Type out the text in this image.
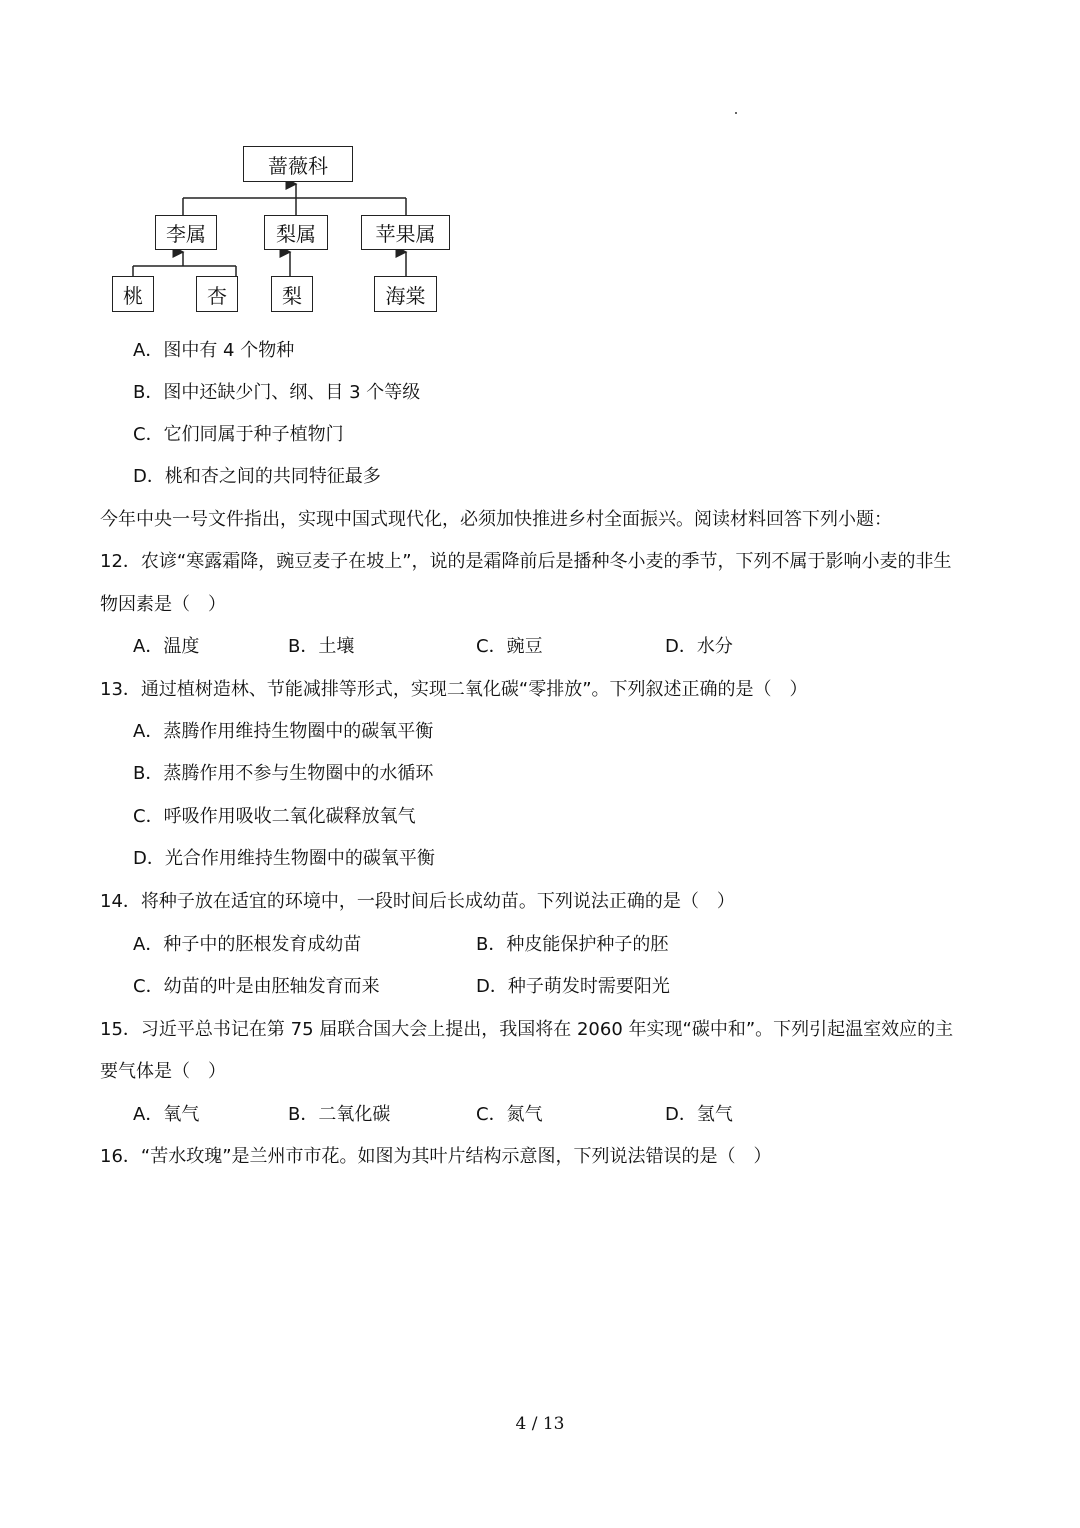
蔷薇科
李属	梨属	苹果属
桃	杏	梨	海棠
A．图中有 4 个物种
B．图中还缺少门、纲、目 3 个等级
C．它们同属于种子植物门
D．桃和杏之间的共同特征最多
今年中央一号文件指出，实现中国式现代化，必须加快推进乡村全面振兴。阅读材料回答下列小题：
12．农谚“寒露霜降，豌豆麦子在坡上”，说的是霜降前后是播种冬小麦的季节，下列不属于影响小麦的非生
物因素是（　）
A．温度	B．土壤	C．豌豆	D．水分
13．通过植树造林、节能减排等形式，实现二氧化碳“零排放”。下列叙述正确的是（　）
A．蒸腾作用维持生物圈中的碳氧平衡
B．蒸腾作用不参与生物圈中的水循环
C．呼吸作用吸收二氧化碳释放氧气
D．光合作用维持生物圈中的碳氧平衡
14．将种子放在适宜的环境中，一段时间后长成幼苗。下列说法正确的是（　）
A．种子中的胚根发育成幼苗	B．种皮能保护种子的胚
C．幼苗的叶是由胚轴发育而来	D．种子萌发时需要阳光
15．习近平总书记在第 75 届联合国大会上提出，我国将在 2060 年实现“碳中和”。下列引起温室效应的主
要气体是（　）
A．氧气	B．二氧化碳	C．氮气	D．氢气
16．“苦水玫瑰”是兰州市市花。如图为其叶片结构示意图，下列说法错误的是（　）
4 / 13
